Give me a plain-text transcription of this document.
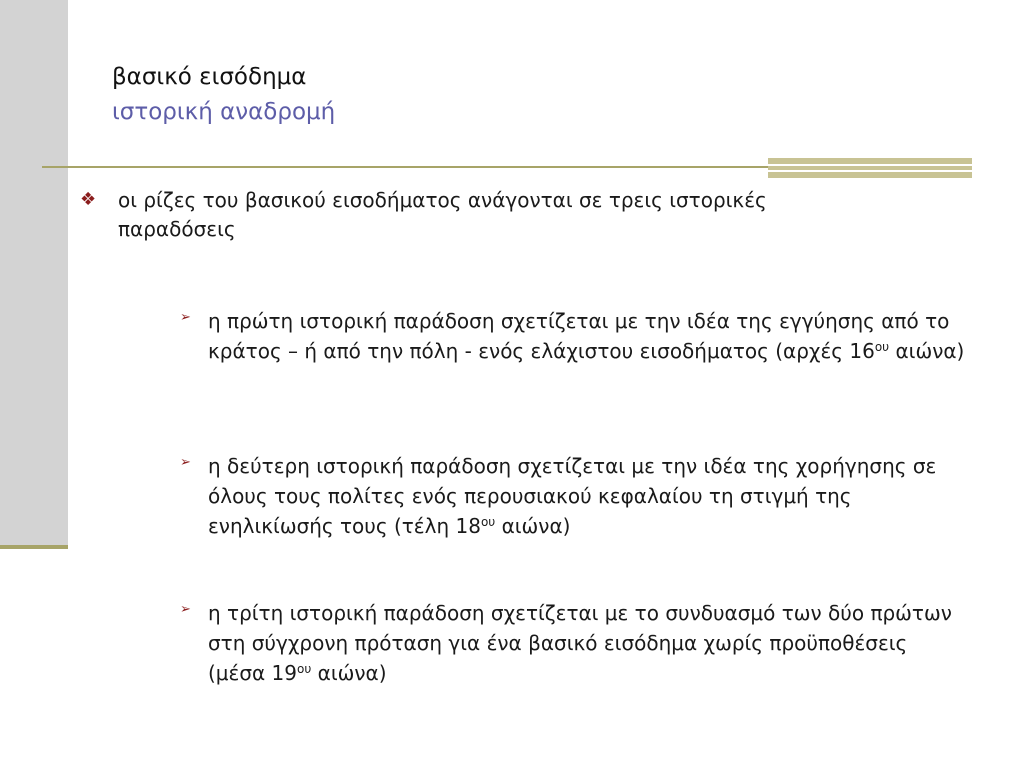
βασικό εισόδημα
ιστορική αναδρομή
❖ οι ρίζες του βασικού εισοδήματος ανάγονται σε τρεις ιστορικές παραδόσεις
➢ η πρώτη ιστορική παράδοση σχετίζεται με την ιδέα της εγγύησης από το κράτος – ή από την πόλη - ενός ελάχιστου εισοδήματος (αρχές $16^{o\upsilon}$ αιώνα)
➢ η δεύτερη ιστορική παράδοση σχετίζεται με την ιδέα της χορήγησης σε όλους τους πολίτες ενός περουσιακού κεφαλαίου τη στιγμή της ενηλικίωσής τους (τέλη $18^{o\upsilon}$ αιώνα)
➢ η τρίτη ιστορική παράδοση σχετίζεται με το συνδυασμό των δύο πρώτων στη σύγχρονη πρόταση για ένα βασικό εισόδημα χωρίς προϋποθέσεις (μέσα $19^{o\upsilon}$ αιώνα)
